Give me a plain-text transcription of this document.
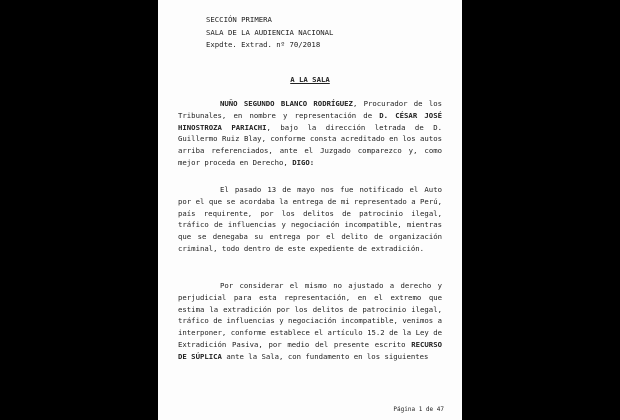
SECCIÓN PRIMERA
SALA DE LA AUDIENCIA NACIONAL
Expdte. Extrad. nº 70/2018
A LA SALA

NUÑO SEGUNDO BLANCO RODRÍGUEZ, Procurador de los Tribunales, en nombre y representación de D. CÉSAR JOSÉ HINOSTROZA PARIACHI, bajo la dirección letrada de D. Guillermo Ruiz Blay, conforme consta acreditado en los autos arriba referenciados, ante el Juzgado comparezco y, como mejor proceda en Derecho, DIGO:

El pasado 13 de mayo nos fue notificado el Auto por el que se acordaba la entrega de mi representado a Perú, país requirente, por los delitos de patrocinio ilegal, tráfico de influencias y negociación incompatible, mientras que se denegaba su entrega por el delito de organización criminal, todo dentro de este expediente de extradición.

Por considerar el mismo no ajustado a derecho y perjudicial para esta representación, en el extremo que estima la extradición por los delitos de patrocinio ilegal, tráfico de influencias y negociación incompatible, venimos a interponer, conforme establece el artículo 15.2 de la Ley de Extradición Pasiva, por medio del presente escrito RECURSO DE SÚPLICA ante la Sala, con fundamento en los siguientes

Página 1 de 47
